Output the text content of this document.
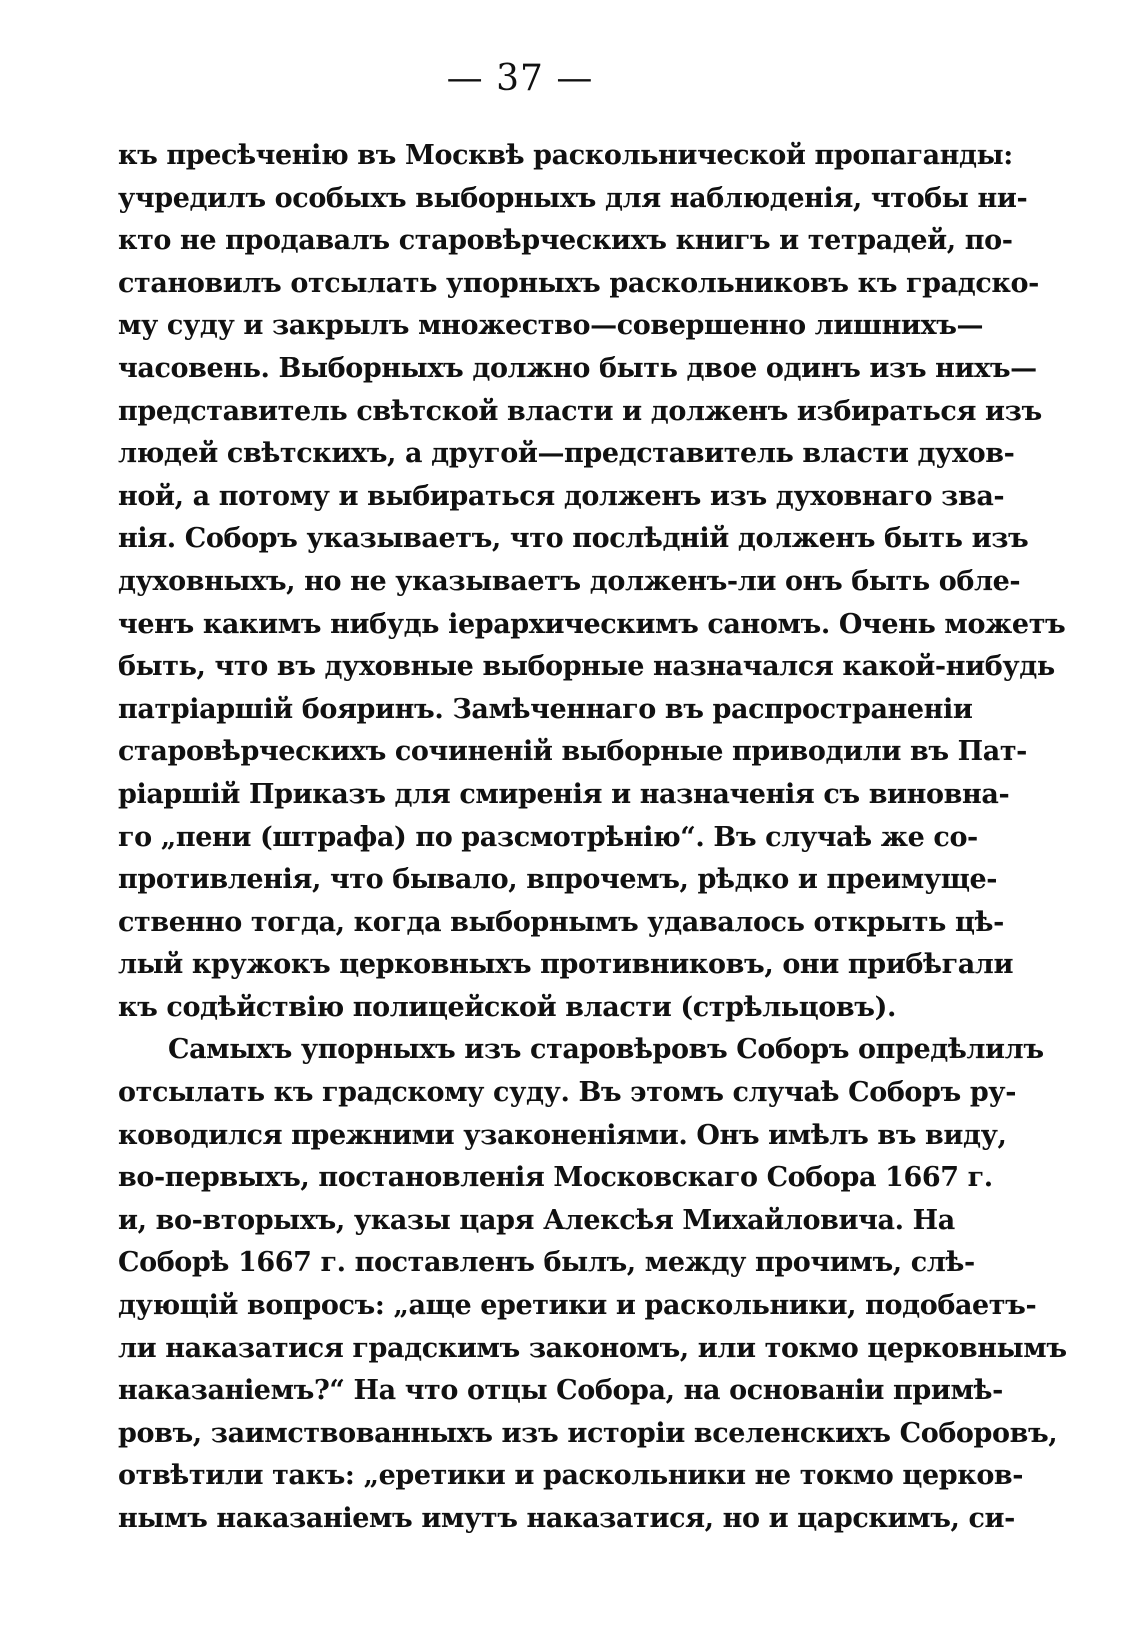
— 37 —
къ пресѣченію въ Москвѣ раскольнической пропаганды:
учредилъ особыхъ выборныхъ для наблюденія, чтобы ни-
кто не продавалъ старовѣрческихъ книгъ и тетрадей, по-
становилъ отсылать упорныхъ раскольниковъ къ градско-
му суду и закрылъ множество—совершенно лишнихъ—
часовень. Выборныхъ должно быть двое одинъ изъ нихъ—
представитель свѣтской власти и долженъ избираться изъ
людей свѣтскихъ, а другой—представитель власти духов-
ной, а потому и выбираться долженъ изъ духовнаго зва-
нія. Соборъ указываетъ, что послѣдній долженъ быть изъ
духовныхъ, но не указываетъ долженъ-ли онъ быть обле-
ченъ какимъ нибудь іерархическимъ саномъ. Очень можетъ
быть, что въ духовные выборные назначался какой-нибудь
патріаршій бояринъ. Замѣченнаго въ распространеніи
старовѣрческихъ сочиненій выборные приводили въ Пат-
ріаршій Приказъ для смиренія и назначенія съ виновна-
го „пени (штрафа) по разсмотрѣнію“. Въ случаѣ же со-
противленія, что бывало, впрочемъ, рѣдко и преимуще-
ственно тогда, когда выборнымъ удавалось открыть цѣ-
лый кружокъ церковныхъ противниковъ, они прибѣгали
къ содѣйствію полицейской власти (стрѣльцовъ).
Самыхъ упорныхъ изъ старовѣровъ Соборъ опредѣлилъ
отсылать къ градскому суду. Въ этомъ случаѣ Соборъ ру-
ководился прежними узаконеніями. Онъ имѣлъ въ виду,
во-первыхъ, постановленія Московскаго Собора 1667 г.
и, во-вторыхъ, указы царя Алексѣя Михайловича. На
Соборѣ 1667 г. поставленъ былъ, между прочимъ, слѣ-
дующій вопросъ: „аще еретики и раскольники, подобаетъ-
ли наказатися градскимъ закономъ, или токмо церковнымъ
наказаніемъ?“ На что отцы Собора, на основаніи примѣ-
ровъ, заимствованныхъ изъ исторіи вселенскихъ Соборовъ,
отвѣтили такъ: „еретики и раскольники не токмо церков-
нымъ наказаніемъ имутъ наказатися, но и царскимъ, си-
